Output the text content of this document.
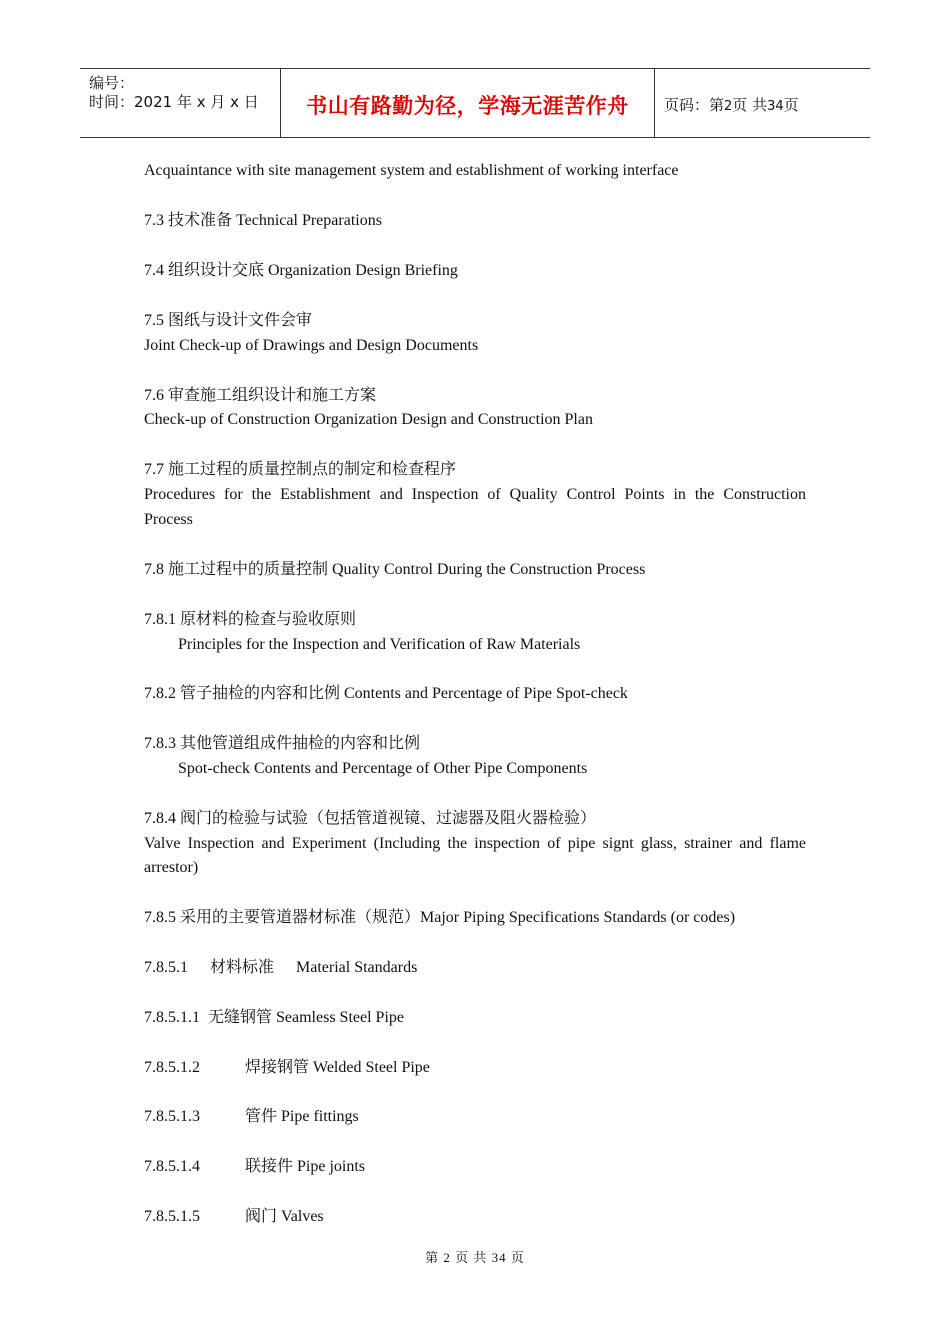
编号：
时间：2021 年 x 月 x 日	书山有路勤为径，学海无涯苦作舟	页码：第2页 共34页
Acquaintance with site management system and establishment of working interface
7.3 技术准备 Technical Preparations
7.4 组织设计交底 Organization Design Briefing
7.5 图纸与设计文件会审
Joint Check-up of Drawings and Design Documents
7.6 审查施工组织设计和施工方案
Check-up of Construction Organization Design and Construction Plan
7.7 施工过程的质量控制点的制定和检查程序
Procedures for the Establishment and Inspection of Quality Control Points in the Construction
Process
7.8 施工过程中的质量控制 Quality Control During the Construction Process
7.8.1 原材料的检查与验收原则
Principles for the Inspection and Verification of Raw Materials
7.8.2 管子抽检的内容和比例 Contents and Percentage of Pipe Spot-check
7.8.3 其他管道组成件抽检的内容和比例
Spot-check Contents and Percentage of Other Pipe Components
7.8.4 阀门的检验与试验（包括管道视镜、过滤器及阻火器检验）
Valve Inspection and Experiment (Including the inspection of pipe signt glass, strainer and flame
arrestor)
7.8.5 采用的主要管道器材标准（规范）Major Piping Specifications Standards (or codes)
7.8.5.1 材料标准 Material Standards
7.8.5.1.1 无缝钢管 Seamless Steel Pipe
7.8.5.1.2	焊接钢管 Welded Steel Pipe
7.8.5.1.3	管件 Pipe fittings
7.8.5.1.4	联接件 Pipe joints
7.8.5.1.5	阀门 Valves
第 2 页 共 34 页
